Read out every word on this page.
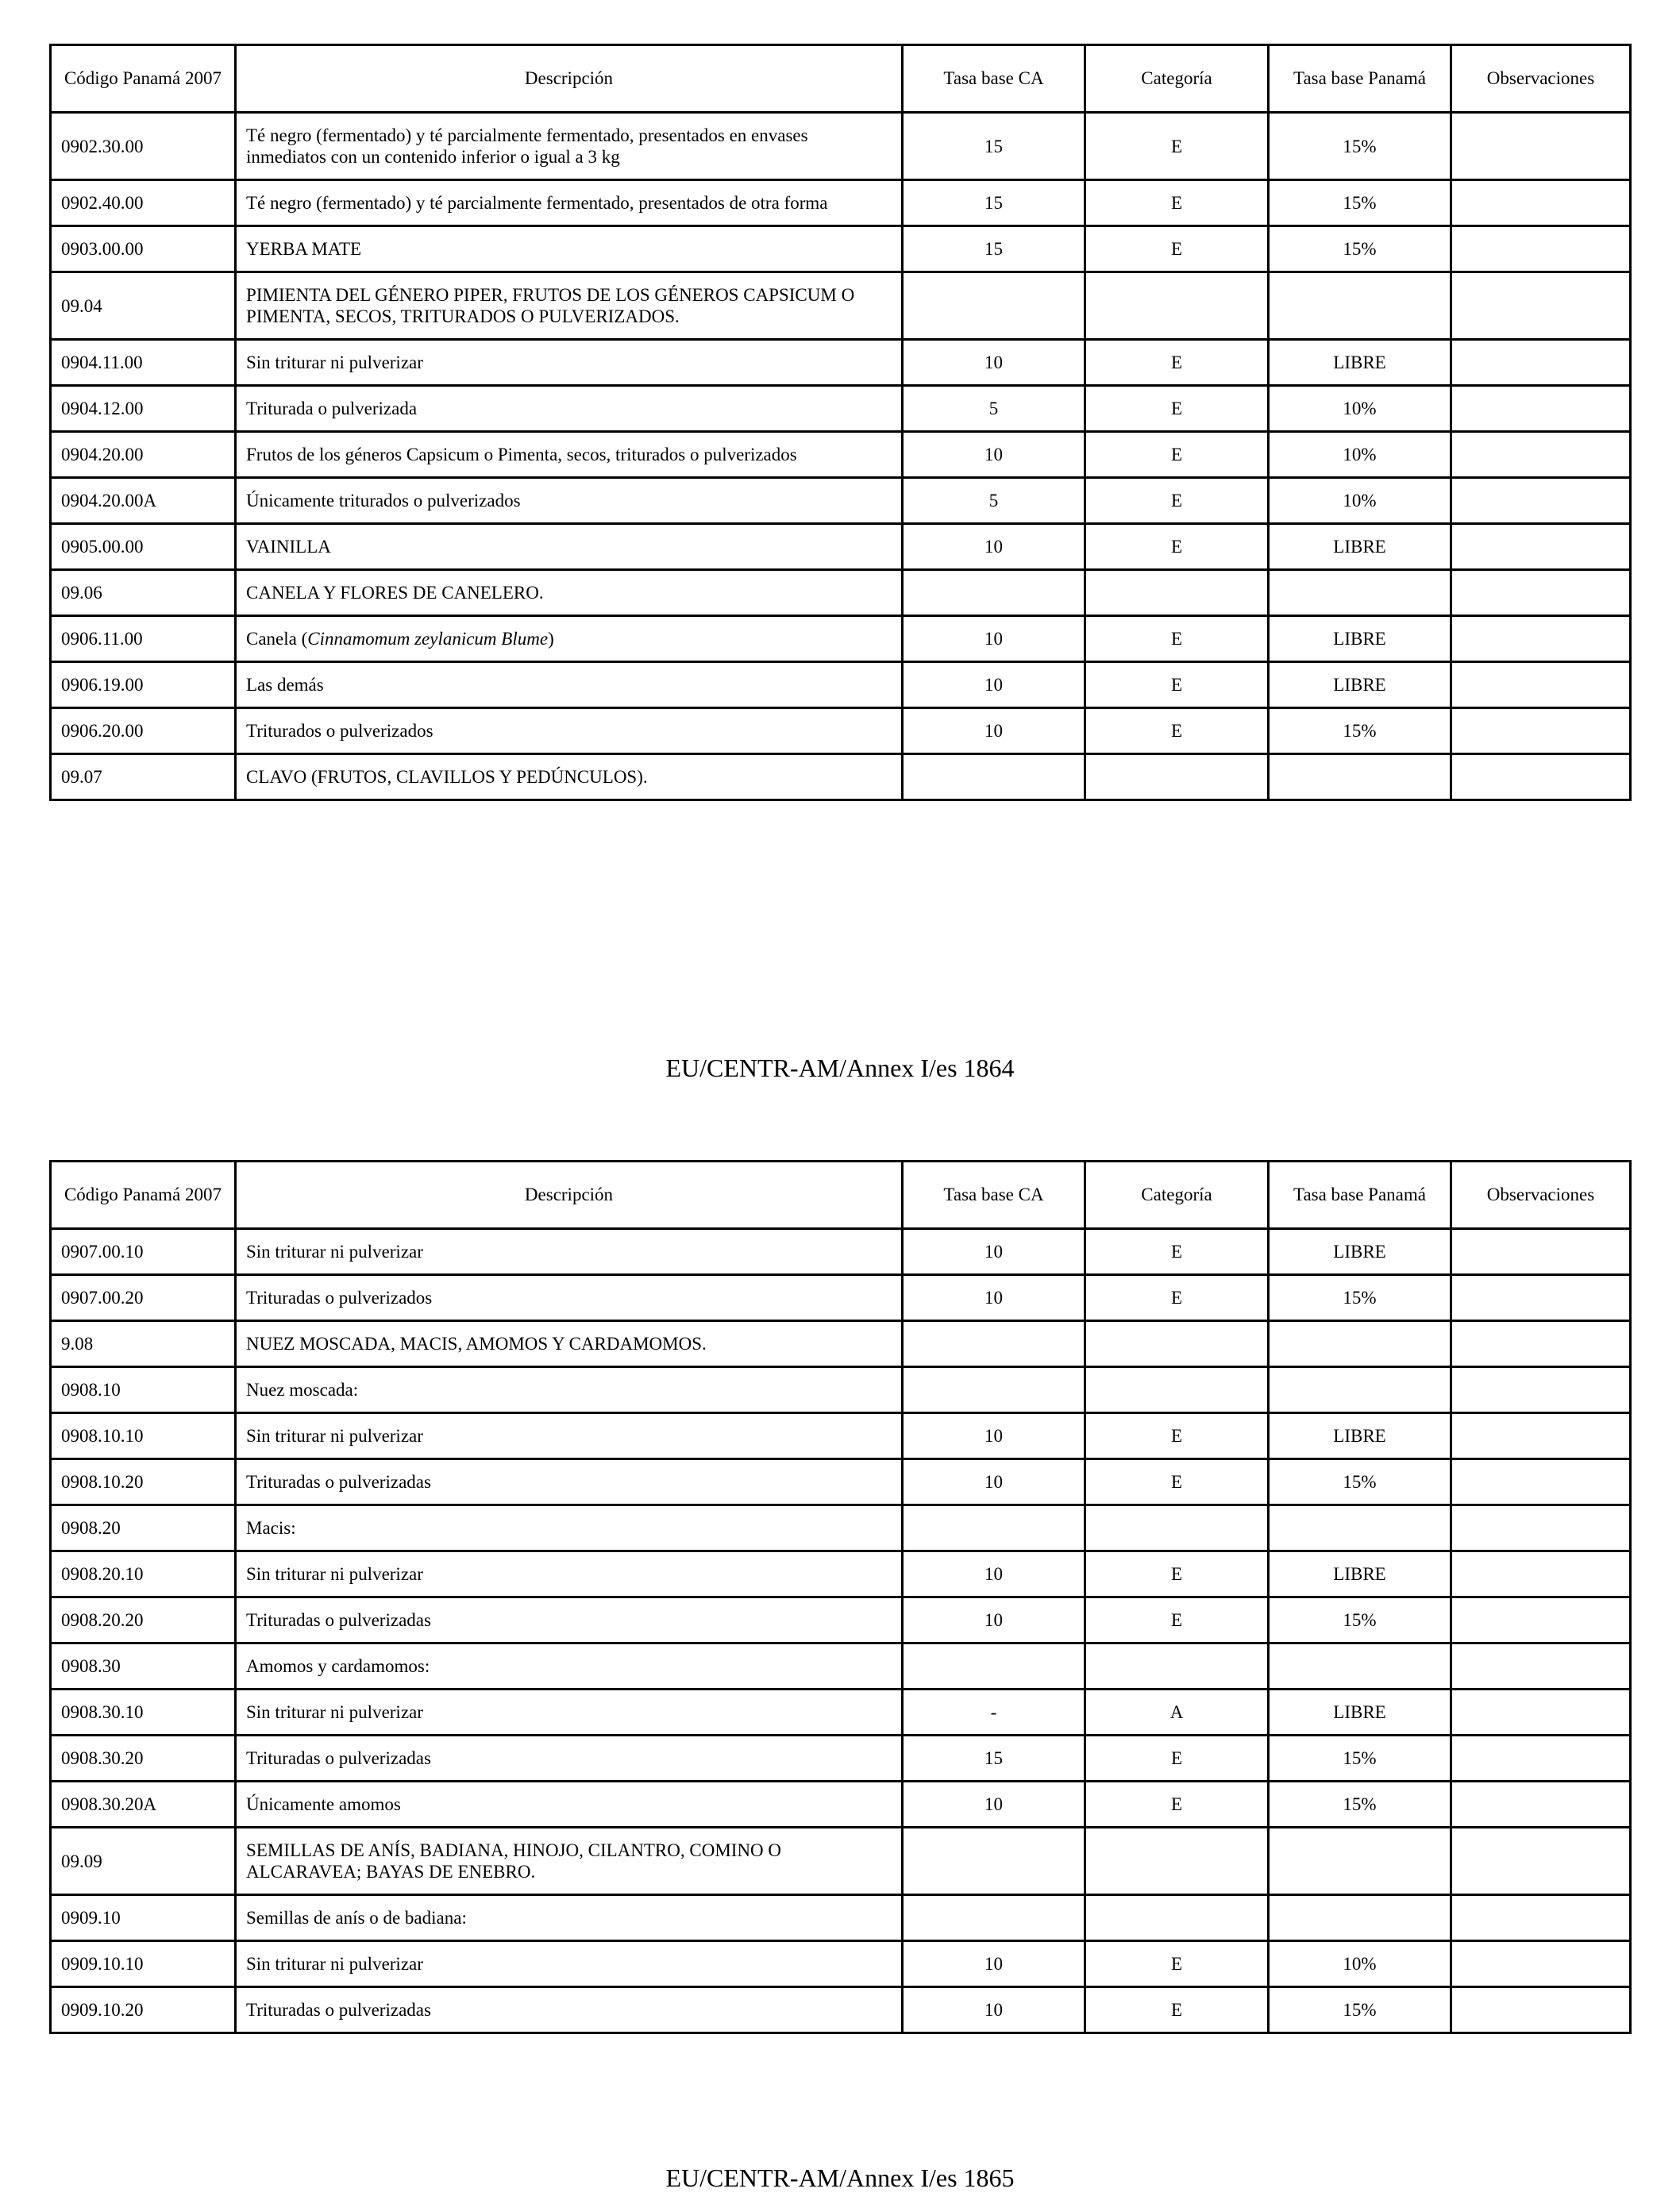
Código Panamá 2007	Descripción	Tasa base CA	Categoría	Tasa base Panamá	Observaciones
0902.30.00	Té negro (fermentado) y té parcialmente fermentado, presentados en envases inmediatos con un contenido inferior o igual a 3 kg	15	E	15%	
0902.40.00	Té negro (fermentado) y té parcialmente fermentado, presentados de otra forma	15	E	15%	
0903.00.00	YERBA MATE	15	E	15%	
09.04	PIMIENTA DEL GÉNERO PIPER, FRUTOS DE LOS GÉNEROS CAPSICUM O PIMENTA, SECOS, TRITURADOS O PULVERIZADOS.				
0904.11.00	Sin triturar ni pulverizar	10	E	LIBRE	
0904.12.00	Triturada o pulverizada	5	E	10%	
0904.20.00	Frutos de los géneros Capsicum o Pimenta, secos, triturados o pulverizados	10	E	10%	
0904.20.00A	Únicamente triturados o pulverizados	5	E	10%	
0905.00.00	VAINILLA	10	E	LIBRE	
09.06	CANELA Y FLORES DE CANELERO.				
0906.11.00	Canela (Cinnamomum zeylanicum Blume)	10	E	LIBRE	
0906.19.00	Las demás	10	E	LIBRE	
0906.20.00	Triturados o pulverizados	10	E	15%	
09.07	CLAVO (FRUTOS, CLAVILLOS Y PEDÚNCULOS).				
EU/CENTR-AM/Annex I/es 1864
Código Panamá 2007	Descripción	Tasa base CA	Categoría	Tasa base Panamá	Observaciones
0907.00.10	Sin triturar ni pulverizar	10	E	LIBRE	
0907.00.20	Trituradas o pulverizados	10	E	15%	
9.08	NUEZ MOSCADA, MACIS, AMOMOS Y CARDAMOMOS.				
0908.10	Nuez moscada:				
0908.10.10	Sin triturar ni pulverizar	10	E	LIBRE	
0908.10.20	Trituradas o pulverizadas	10	E	15%	
0908.20	Macis:				
0908.20.10	Sin triturar ni pulverizar	10	E	LIBRE	
0908.20.20	Trituradas o pulverizadas	10	E	15%	
0908.30	Amomos y cardamomos:				
0908.30.10	Sin triturar ni pulverizar	-	A	LIBRE	
0908.30.20	Trituradas o pulverizadas	15	E	15%	
0908.30.20A	Únicamente amomos	10	E	15%	
09.09	SEMILLAS DE ANÍS, BADIANA, HINOJO, CILANTRO, COMINO O ALCARAVEA; BAYAS DE ENEBRO.				
0909.10	Semillas de anís o de badiana:				
0909.10.10	Sin triturar ni pulverizar	10	E	10%	
0909.10.20	Trituradas o pulverizadas	10	E	15%	
EU/CENTR-AM/Annex I/es 1865
